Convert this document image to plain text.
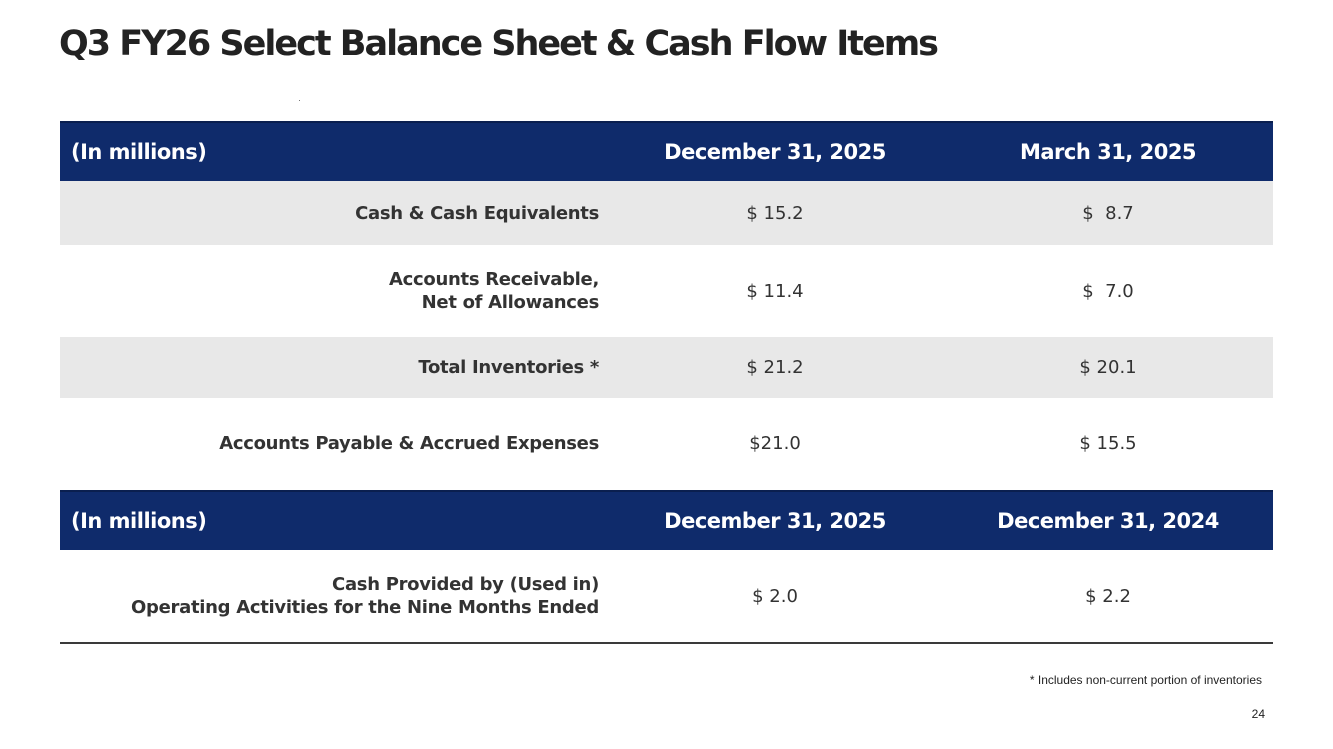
Q3 FY26 Select Balance Sheet & Cash Flow Items
(In millions)	December 31, 2025	March 31, 2025
Cash & Cash Equivalents	$ 15.2	$  8.7
Accounts Receivable,
Net of Allowances
$ 11.4	$  7.0
Total Inventories *	$ 21.2	$ 20.1
Accounts Payable & Accrued Expenses	$21.0	$ 15.5
(In millions)	December 31, 2025	December 31, 2024
Cash Provided by (Used in)
Operating Activities for the Nine Months Ended
$ 2.0	$ 2.2
* Includes non-current portion of inventories
24
